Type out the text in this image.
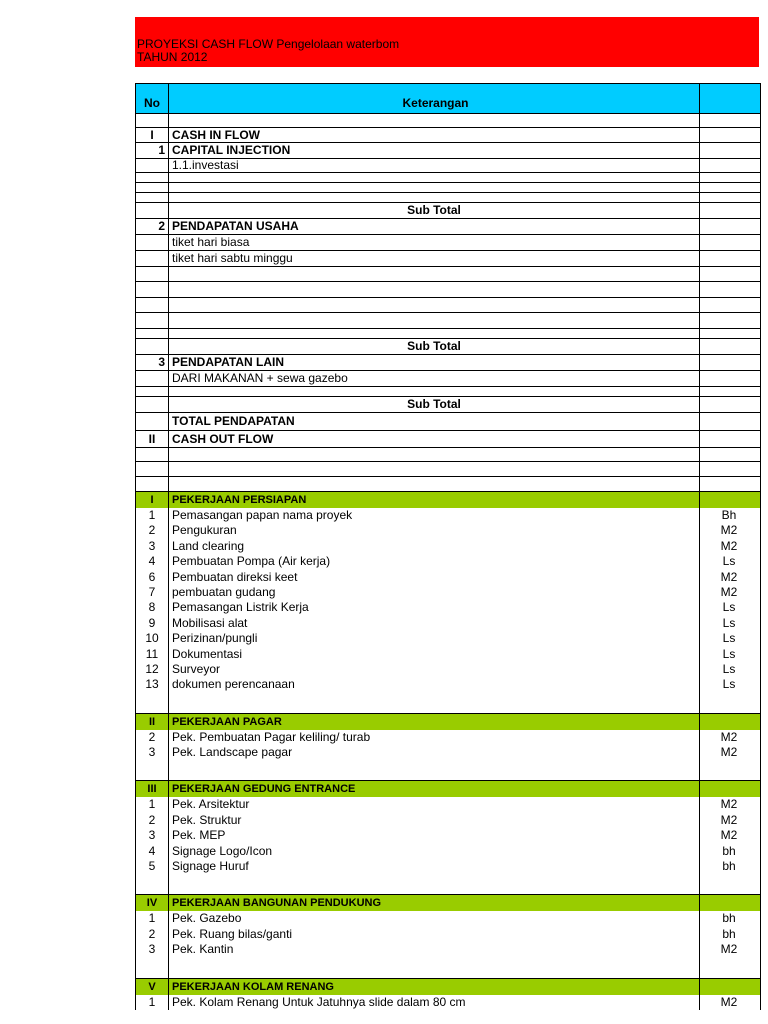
PROYEKSI CASH FLOW Pengelolaan waterbom
TAHUN 2012
No	Keterangan
I	CASH IN FLOW
1 CAPITAL INJECTION
1.1.investasi
Sub Total
2 PENDAPATAN USAHA
tiket hari biasa
tiket hari sabtu minggu
Sub Total
3 PENDAPATAN LAIN
DARI MAKANAN + sewa gazebo
Sub Total
TOTAL PENDAPATAN
II	CASH OUT FLOW
I	PEKERJAAN PERSIAPAN
1	Pemasangan papan nama proyek	Bh
2	Pengukuran	M2
3	Land clearing	M2
4	Pembuatan Pompa (Air kerja)	Ls
6	Pembuatan direksi keet	M2
7	pembuatan gudang	M2
8	Pemasangan Listrik Kerja	Ls
9	Mobilisasi alat	Ls
10	Perizinan/pungli	Ls
11	Dokumentasi	Ls
12	Surveyor	Ls
13	dokumen perencanaan	Ls
II	PEKERJAAN PAGAR
2	Pek. Pembuatan Pagar keliling/ turab	M2
3	Pek. Landscape pagar	M2
III	PEKERJAAN GEDUNG ENTRANCE
1	Pek. Arsitektur	M2
2	Pek. Struktur	M2
3	Pek. MEP	M2
4	Signage Logo/Icon	bh
5	Signage Huruf	bh
IV	PEKERJAAN BANGUNAN PENDUKUNG
1	Pek. Gazebo	bh
2	Pek. Ruang bilas/ganti	bh
3	Pek. Kantin	M2
V	PEKERJAAN KOLAM RENANG
1	Pek. Kolam Renang Untuk Jatuhnya slide dalam 80 cm	M2
